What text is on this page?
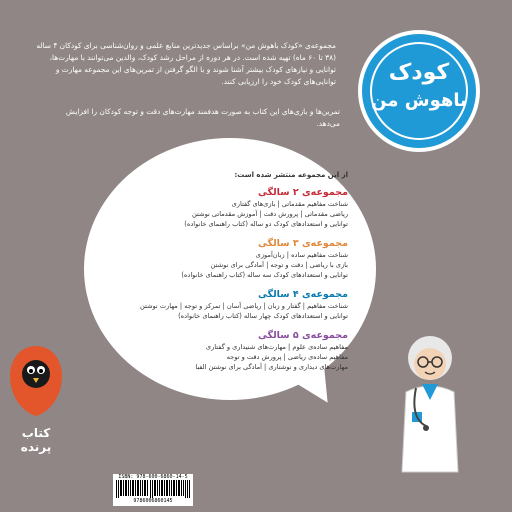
کودک
باهوش من
مجموعه‌ی «کودک باهوش من» براساس جدیدترین منابع علمی و روان‌شناسی برای کودکان ۴ ساله (۳۸ تا ۶۰ ماه) تهیه شده است. در هر دوره از مراحل رشد کودک، والدین می‌توانند با مهارت‌ها، توانایی و نیازهای کودک بیشتر آشنا شوند و با الگو گرفتن از تمرین‌های این مجموعه مهارت و توانایی‌های کودک خود را ارزیابی کنند.
تمرین‌ها و بازی‌های این کتاب به صورت هدفمند مهارت‌های دقت و توجه کودکان را افزایش می‌دهد.
از این مجموعه منتشر شده است:
مجموعه‌ی ۲ سالگی
شناخت مفاهیم مقدماتی | بازی‌های گفتاری
ریاضی مقدماتی | پرورش دقت | آموزش مقدماتی نوشتن
توانایی و استعدادهای کودک دو ساله (کتاب راهنمای خانواده)
مجموعه‌ی ۳ سالگی
شناخت مفاهیم ساده | زبان‌آموزی
بازی با ریاضی | دقت و توجه | آمادگی برای نوشتن
توانایی و استعدادهای کودک سه ساله (کتاب راهنمای خانواده)
مجموعه‌ی ۴ سالگی
شناخت مفاهیم | گفتار و زبان | ریاضی آسان | تمرکز و توجه | مهارت نوشتن
توانایی و استعدادهای کودک چهار ساله (کتاب راهنمای خانواده)
مجموعه‌ی ۵ سالگی
مفاهیم ساده‌ی علوم | مهارت‌های شنیداری و گفتاری
مفاهیم ساده‌ی ریاضی | پرورش دقت و توجه
مهارت‌های دیداری و نوشتاری | آمادگی برای نوشتن الفبا
کتاب پرنده
ISBN: 978-600-6860-14-5
9786006860145
